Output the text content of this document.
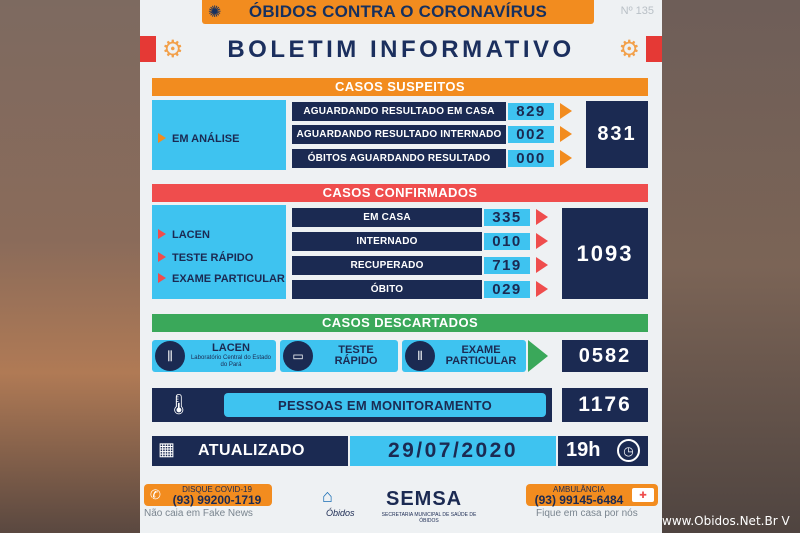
✺ ÓBIDOS CONTRA O CORONAVÍRUS	Nº 135
⚙	⚙
BOLETIM INFORMATIVO
CASOS SUSPEITOS
EM ANÁLISE
AGUARDANDO RESULTADO EM CASA	829
AGUARDANDO RESULTADO INTERNADO 002
ÓBITOS AGUARDANDO RESULTADO	000
831
CASOS CONFIRMADOS
LACEN
TESTE RÁPIDO
EXAME PARTICULAR
EM CASA	335
INTERNADO	010
RECUPERADO	719
ÓBITO	029
1093
CASOS DESCARTADOS
⫼
LACEN
Laboratório Central do Estado do Pará
▭	TESTE
RÁPIDO	⦀	EXAME
PARTICULAR	0582
🌡	PESSOAS EM MONITORAMENTO	1176
▦ ATUALIZADO	29/07/2020	19h	◷
✆	DISQUE COVID-19
(93) 99200-1719
Não caia em Fake News
⌂
Óbidos
SEMSA
SECRETARIA MUNICIPAL DE SAÚDE DE ÓBIDOS
AMBULÂNCIA
(93) 99145-6484	✚
Fique em casa por nós
www.Obidos.Net.Br V
